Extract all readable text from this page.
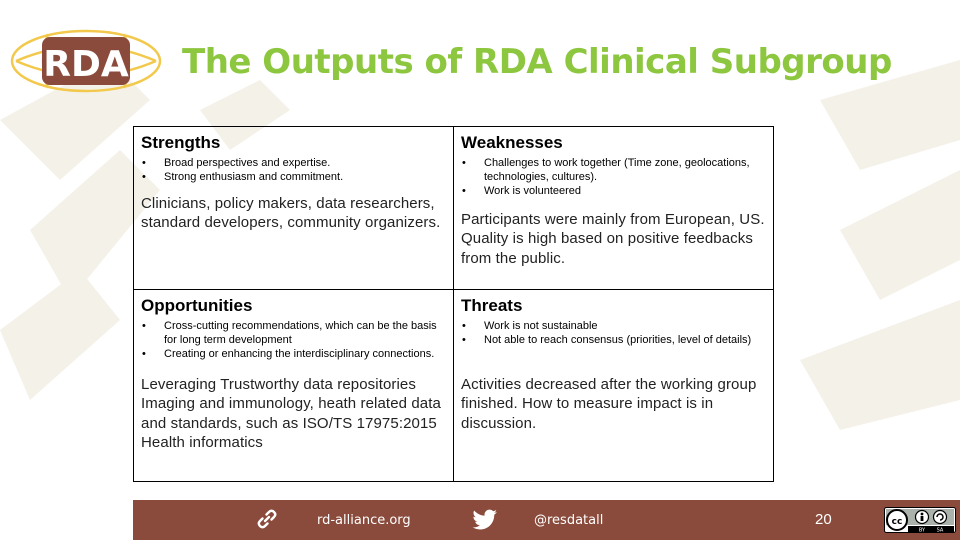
RDA The Outputs of RDA Clinical Subgroup
Strengths
• Broad perspectives and expertise.
• Strong enthusiasm and commitment.

Clinicians, policy makers, data researchers, standard developers, community organizers.

Weaknesses
• Challenges to work together (Time zone, geolocations, technologies, cultures).
• Work is volunteered

Participants were mainly from European, US. Quality is high based on positive feedbacks from the public.

Opportunities
• Cross-cutting recommendations, which can be the basis for long term development
• Creating or enhancing the interdisciplinary connections.

Leveraging Trustworthy data repositories Imaging and immunology, heath related data and standards, such as ISO/TS 17975:2015 Health informatics

Threats
• Work is not sustainable
• Not able to reach consensus (priorities, level of details)

Activities decreased after the working group finished. How to measure impact is in discussion.

rd-alliance.org	@resdatall	20	cc
BY SA
